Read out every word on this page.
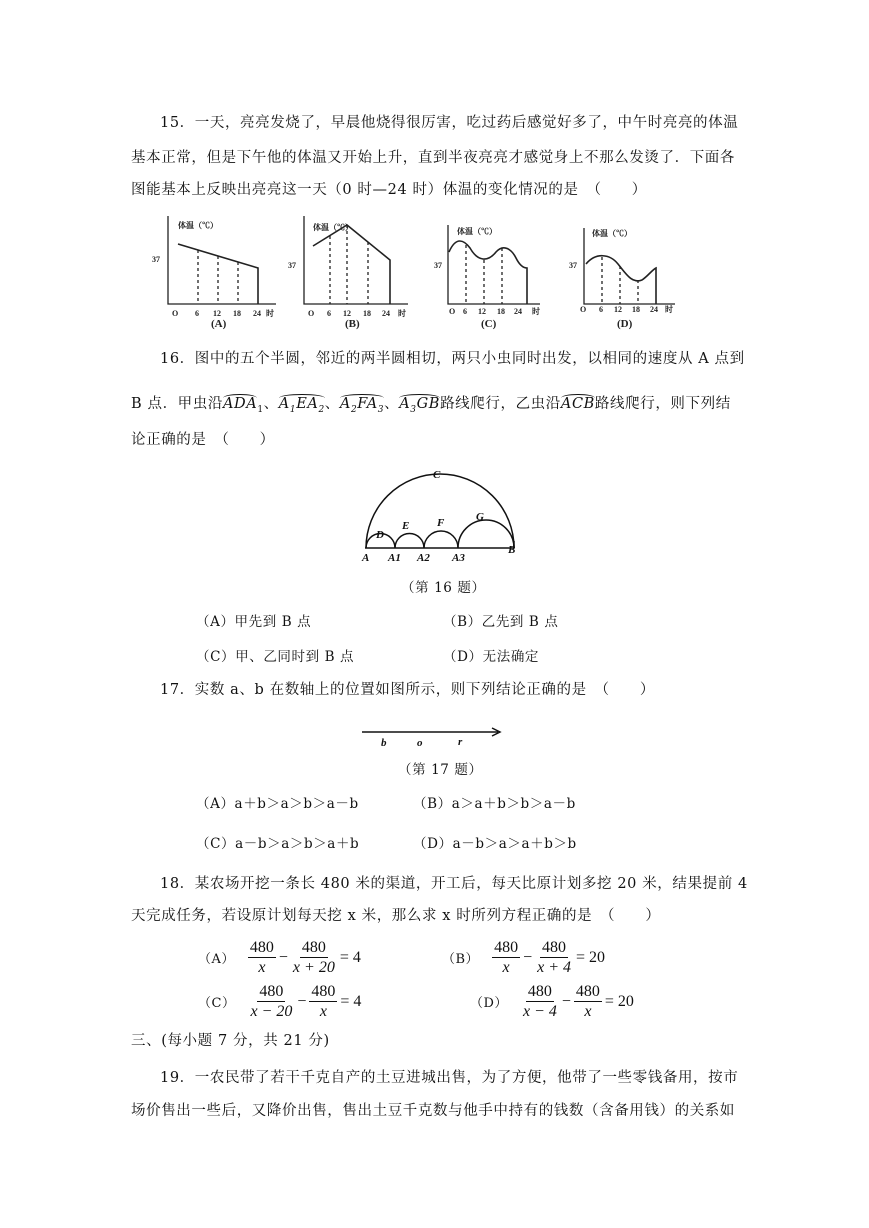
15．一天，亮亮发烧了，早晨他烧得很厉害，吃过药后感觉好多了，中午时亮亮的体温
基本正常，但是下午他的体温又开始上升，直到半夜亮亮才感觉身上不那么发烫了．下面各
图能基本上反映出亮亮这一天（0 时—24 时）体温的变化情况的是　（　　）
体温（℃）	体温（℃）	体温（℃）	体温（℃）
37
37	37	37
O 6 12 18 24 时	O 6 12 18 24 时	O 6 12 18 24 时	O 6 12 18 24 时
(A)	(B)	(C)	(D)
C
D
E	F	G
A A1 A2 A3
B
b	o	r
16．图中的五个半圆，邻近的两半圆相切，两只小虫同时出发，以相同的速度从 A 点到
B 点．甲虫沿$ADA_1$、$A_1EA_2$、$A_2FA_3$、$A_3GB$路线爬行，乙虫沿ACB路线爬行，则下列结
论正确的是　（　　）
（第 16 题）
（A）甲先到 B 点	（B）乙先到 B 点
（C）甲、乙同时到 B 点	（D）无法确定
17．实数 a、b 在数轴上的位置如图所示，则下列结论正确的是　（　　）
（第 17 题）
（A）a＋b＞a＞b＞a－b	（B）a＞a＋b＞b＞a－b
（C）a－b＞a＞b＞a＋b	（D）a－b＞a＞a＋b＞b
18．某农场开挖一条长 480 米的渠道，开工后，每天比原计划多挖 20 米，结果提前 4
天完成任务，若设原计划每天挖 x 米，那么求 x 时所列方程正确的是　（　　）
$(A) \frac{480}{x} - \frac{480}{x + 20} = 4$	$(B) \frac{480}{x} - \frac{480}{x + 4} = 20$
$(C) \frac{480}{x - 20} - \frac{480}{x} = 4$	$(D) \frac{480}{x - 4} - \frac{480}{x} = 20$
三、(每小题 7 分，共 21 分)
19．一农民带了若干千克自产的土豆进城出售，为了方便，他带了一些零钱备用，按市
场价售出一些后，又降价出售，售出土豆千克数与他手中持有的钱数（含备用钱）的关系如
